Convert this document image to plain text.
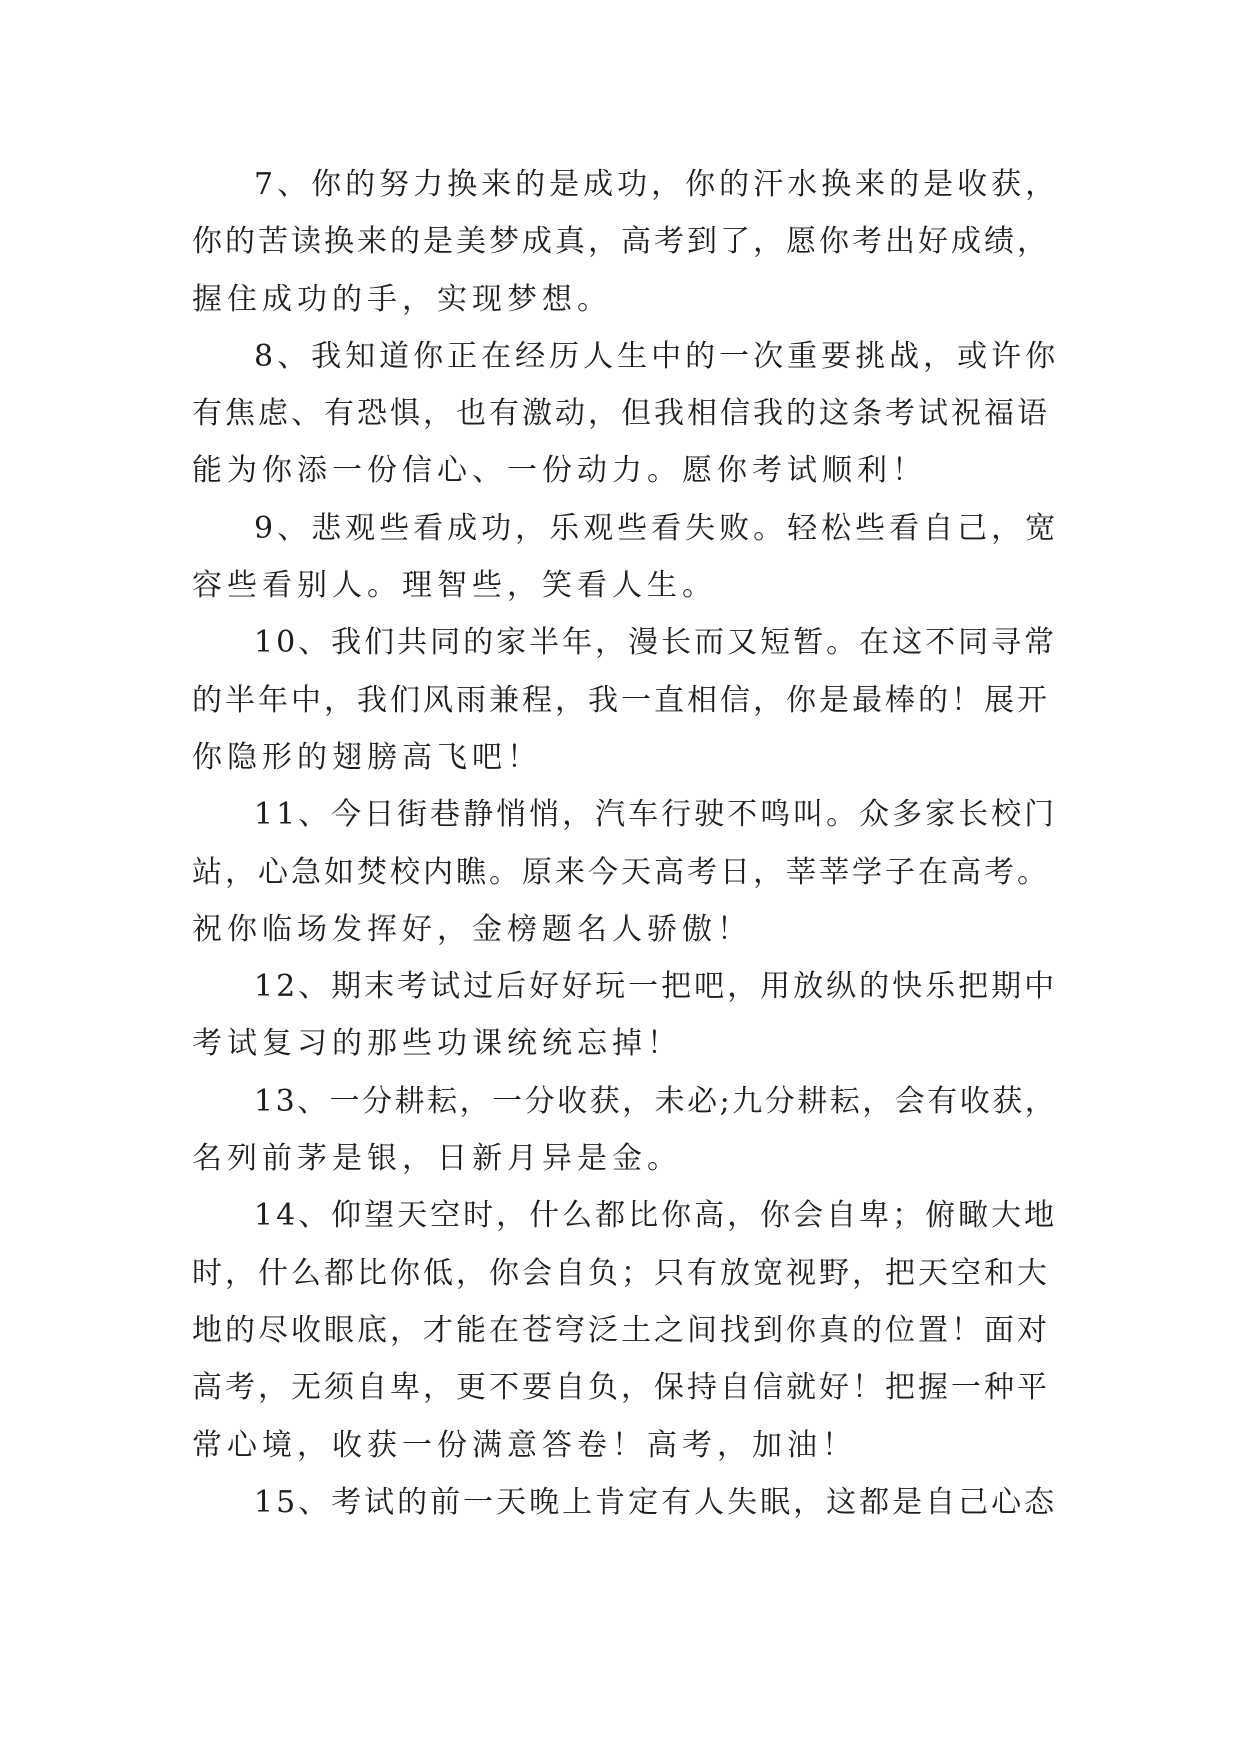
7、你的努力换来的是成功，你的汗水换来的是收获，
你的苦读换来的是美梦成真，高考到了，愿你考出好成绩，
握住成功的手，实现梦想。
8、我知道你正在经历人生中的一次重要挑战，或许你
有焦虑、有恐惧，也有激动，但我相信我的这条考试祝福语
能为你添一份信心、一份动力。愿你考试顺利！
9、悲观些看成功，乐观些看失败。轻松些看自己，宽
容些看别人。理智些，笑看人生。
10、我们共同的家半年，漫长而又短暂。在这不同寻常
的半年中，我们风雨兼程，我一直相信，你是最棒的！展开
你隐形的翅膀高飞吧！
11、今日街巷静悄悄，汽车行驶不鸣叫。众多家长校门
站，心急如焚校内瞧。原来今天高考日，莘莘学子在高考。
祝你临场发挥好，金榜题名人骄傲！
12、期末考试过后好好玩一把吧，用放纵的快乐把期中
考试复习的那些功课统统忘掉！
13、一分耕耘，一分收获，未必;九分耕耘，会有收获，
名列前茅是银，日新月异是金。
14、仰望天空时，什么都比你高，你会自卑；俯瞰大地
时，什么都比你低，你会自负；只有放宽视野，把天空和大
地的尽收眼底，才能在苍穹泛土之间找到你真的位置！面对
高考，无须自卑，更不要自负，保持自信就好！把握一种平
常心境，收获一份满意答卷！高考，加油！
15、考试的前一天晚上肯定有人失眠，这都是自己心态
